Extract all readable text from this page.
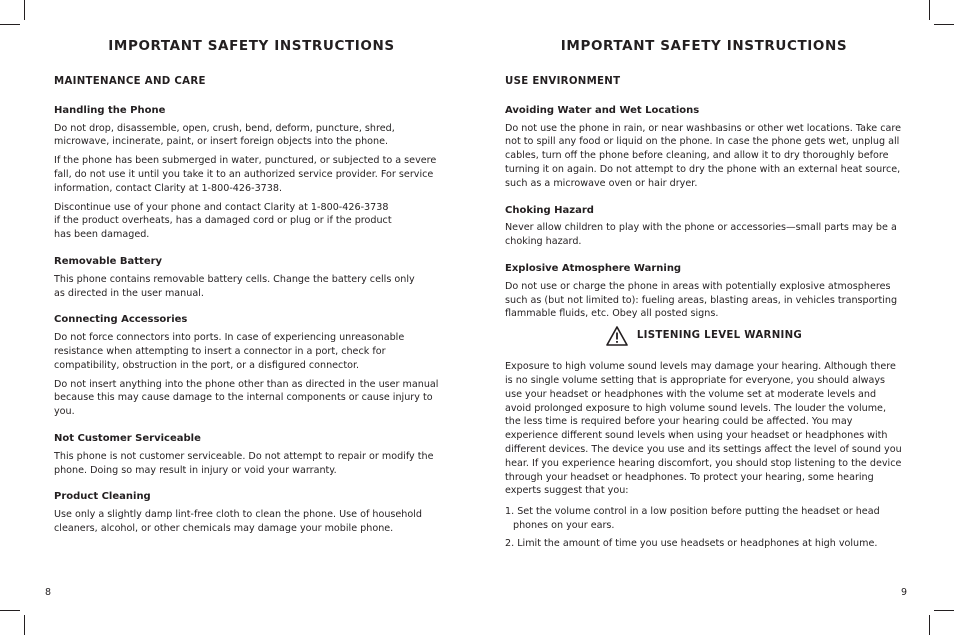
IMPORTANT SAFETY INSTRUCTIONS
MAINTENANCE AND CARE
Handling the Phone

Do not drop, disassemble, open, crush, bend, deform, puncture, shred, microwave, incinerate, paint, or insert foreign objects into the phone.

If the phone has been submerged in water, punctured, or subjected to a severe fall, do not use it until you take it to an authorized service provider. For service information, contact Clarity at 1-800-426-3738.

Discontinue use of your phone and contact Clarity at 1-800-426-3738 if the product overheats, has a damaged cord or plug or if the product has been damaged.

Removable Battery

This phone contains removable battery cells. Change the battery cells only as directed in the user manual.

Connecting Accessories

Do not force connectors into ports. In case of experiencing unreasonable resistance when attempting to insert a connector in a port, check for compatibility, obstruction in the port, or a disfigured connector.

Do not insert anything into the phone other than as directed in the user manual because this may cause damage to the internal components or cause injury to you.

Not Customer Serviceable

This phone is not customer serviceable. Do not attempt to repair or modify the phone. Doing so may result in injury or void your warranty.

Product Cleaning

Use only a slightly damp lint-free cloth to clean the phone. Use of household cleaners, alcohol, or other chemicals may damage your mobile phone.

8
IMPORTANT SAFETY INSTRUCTIONS
USE ENVIRONMENT
Avoiding Water and Wet Locations

Do not use the phone in rain, or near washbasins or other wet locations. Take care not to spill any food or liquid on the phone. In case the phone gets wet, unplug all cables, turn off the phone before cleaning, and allow it to dry thoroughly before turning it on again. Do not attempt to dry the phone with an external heat source, such as a microwave oven or hair dryer.

Choking Hazard

Never allow children to play with the phone or accessories—small parts may be a choking hazard.

Explosive Atmosphere Warning

Do not use or charge the phone in areas with potentially explosive atmospheres such as (but not limited to): fueling areas, blasting areas, in vehicles transporting flammable fluids, etc. Obey all posted signs.

LISTENING LEVEL WARNING

Exposure to high volume sound levels may damage your hearing. Although there is no single volume setting that is appropriate for everyone, you should always use your headset or headphones with the volume set at moderate levels and avoid prolonged exposure to high volume sound levels. The louder the volume, the less time is required before your hearing could be affected. You may experience different sound levels when using your headset or headphones with different devices. The device you use and its settings affect the level of sound you hear. If you experience hearing discomfort, you should stop listening to the device through your headset or headphones. To protect your hearing, some hearing experts suggest that you:

1. Set the volume control in a low position before putting the headset or head phones on your ears.

2. Limit the amount of time you use headsets or headphones at high volume.

9
